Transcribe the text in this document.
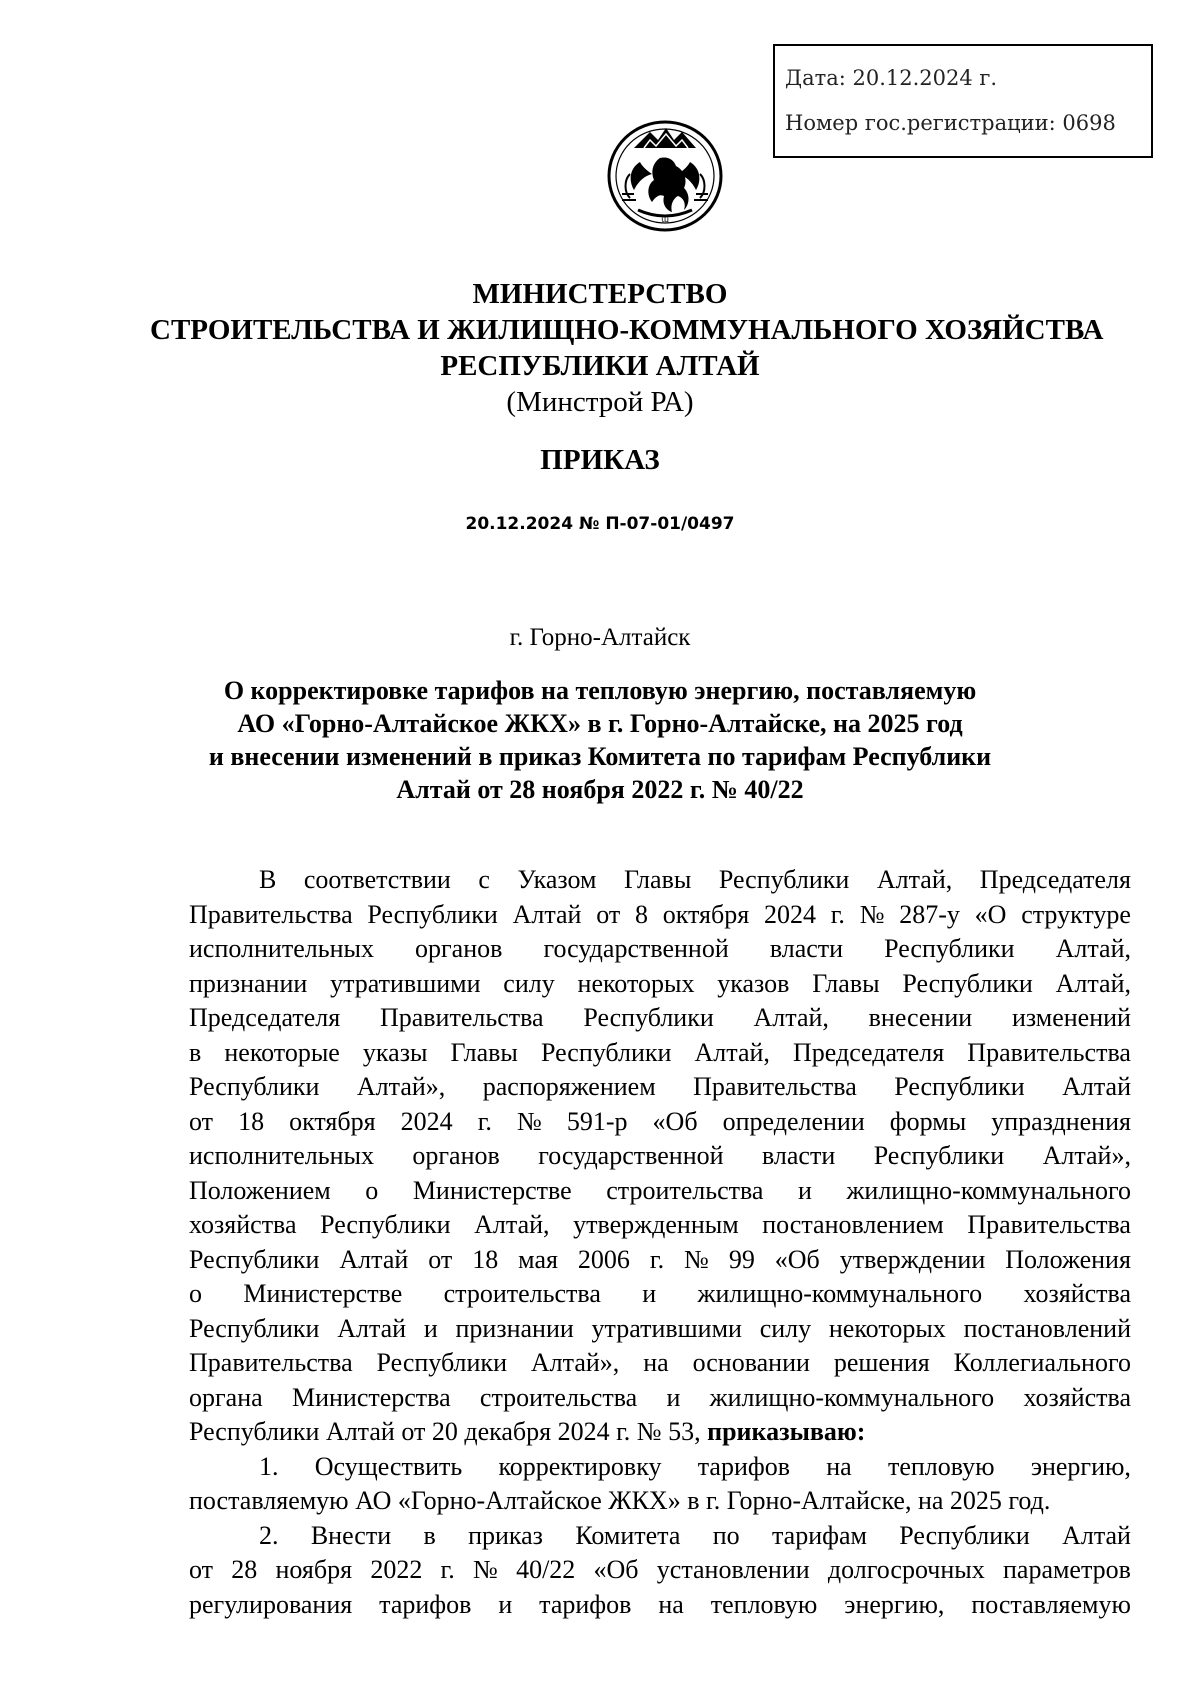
Дата: 20.12.2024 г.
Номер гос.регистрации: 0698
ɯ
МИНИСТЕРСТВО
СТРОИТЕЛЬСТВА И ЖИЛИЩНО-КОММУНАЛЬНОГО ХОЗЯЙСТВА
РЕСПУБЛИКИ АЛТАЙ
(Минстрой РА)
ПРИКАЗ
20.12.2024 № П-07-01/0497
г. Горно-Алтайск
О корректировке тарифов на тепловую энергию, поставляемую
АО «Горно-Алтайское ЖКХ» в г. Горно-Алтайске, на 2025 год
и внесении изменений в приказ Комитета по тарифам Республики
Алтай от 28 ноября 2022 г. № 40/22
В соответствии с Указом Главы Республики Алтай, Председателя
Правительства Республики Алтай от 8 октября 2024 г. № 287-у «О структуре
исполнительных органов государственной власти Республики Алтай,
признании утратившими силу некоторых указов Главы Республики Алтай,
Председателя Правительства Республики Алтай, внесении изменений
в некоторые указы Главы Республики Алтай, Председателя Правительства
Республики Алтай», распоряжением Правительства Республики Алтай
от 18 октября 2024 г. № 591-р «Об определении формы упразднения
исполнительных органов государственной власти Республики Алтай»,
Положением о Министерстве строительства и жилищно-коммунального
хозяйства Республики Алтай, утвержденным постановлением Правительства
Республики Алтай от 18 мая 2006 г. № 99 «Об утверждении Положения
о Министерстве строительства и жилищно-коммунального хозяйства
Республики Алтай и признании утратившими силу некоторых постановлений
Правительства Республики Алтай», на основании решения Коллегиального
органа Министерства строительства и жилищно-коммунального хозяйства
Республики Алтай от 20 декабря 2024 г. № 53, приказываю:
1. Осуществить корректировку тарифов на тепловую энергию,
поставляемую АО «Горно-Алтайское ЖКХ» в г. Горно-Алтайске, на 2025 год.
2. Внести в приказ Комитета по тарифам Республики Алтай
от 28 ноября 2022 г. № 40/22 «Об установлении долгосрочных параметров
регулирования тарифов и тарифов на тепловую энергию, поставляемую
